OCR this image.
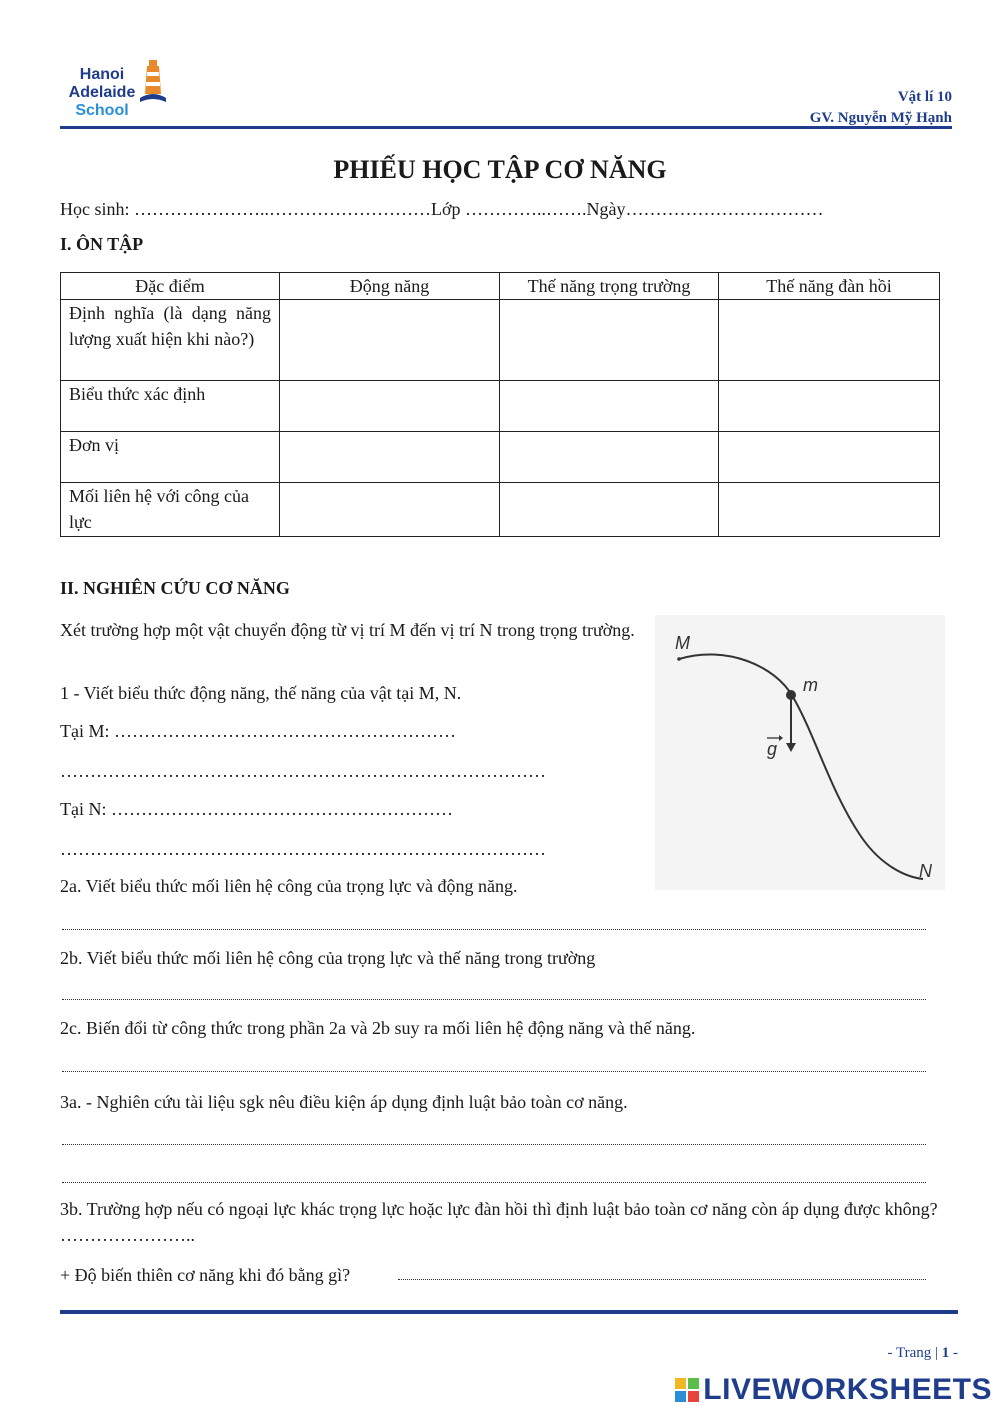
Hanoi
Adelaide
School
Vật lí 10
GV. Nguyễn Mỹ Hạnh
PHIẾU HỌC TẬP CƠ NĂNG
Học sinh: …………………..………………………Lớp …………..…….Ngày……………………………
I. ÔN TẬP
Đặc điểm	Động năng	Thế năng trọng trường	Thế năng đàn hồi
Định nghĩa (là dạng năng lượng xuất hiện khi nào?)			
Biểu thức xác định			
Đơn vị			
Mối liên hệ với công của lực			
II. NGHIÊN CỨU CƠ NĂNG
Xét trường hợp một vật chuyển động từ vị trí M đến vị trí N trong trọng trường.
1 - Viết biểu thức động năng, thế năng của vật tại M, N.
Tại M: …………………………………………………
………………………………………………………………………
Tại N: …………………………………………………
………………………………………………………………………
M
m
g
N
2a. Viết biểu thức mối liên hệ công của trọng lực và động năng.
2b. Viết biểu thức mối liên hệ công của trọng lực và thế năng trong trường
2c. Biến đổi từ công thức trong phần 2a và 2b suy ra mối liên hệ động năng và thế năng.
3a. - Nghiên cứu tài liệu sgk nêu điều kiện áp dụng định luật bảo toàn cơ năng.
3b. Trường hợp nếu có ngoại lực khác trọng lực hoặc lực đàn hồi thì định luật bảo toàn cơ năng còn áp dụng được không? …………………..
+ Độ biến thiên cơ năng khi đó bằng gì?
- Trang | 1 -
LIVEWORKSHEETS
